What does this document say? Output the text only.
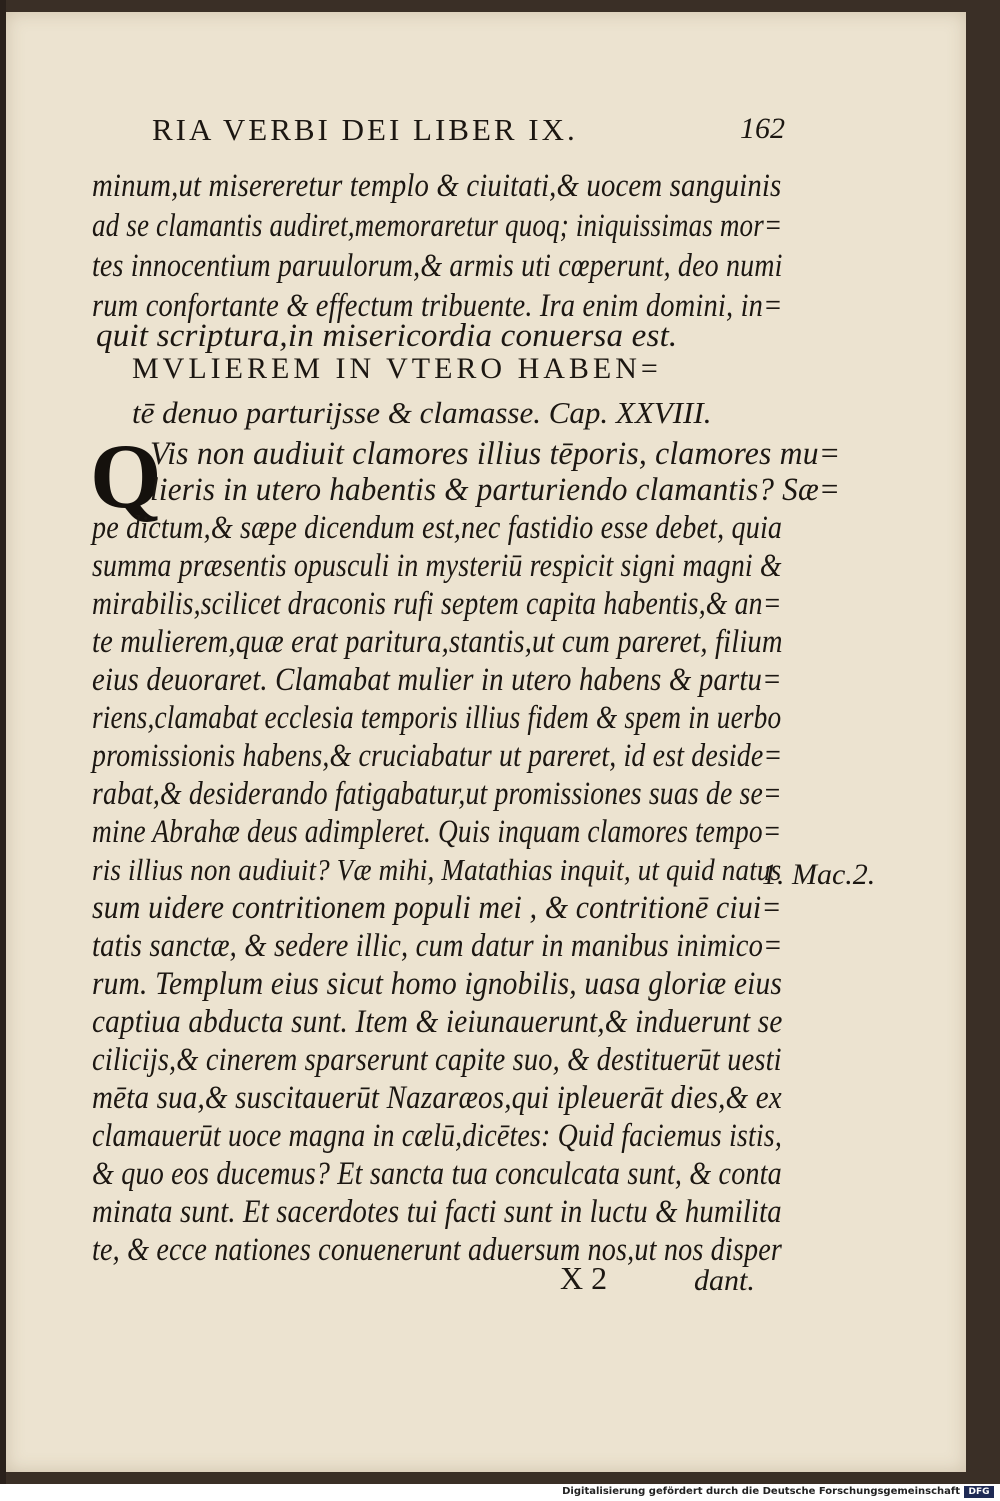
RIA VERBI DEI LIBER IX.	162
minum,ut misereretur templo & ciuitati,& uocem sanguinis
ad se clamantis audiret,memoraretur quoq; iniquissimas mor=
tes innocentium paruulorum,& armis uti cœperunt, deo numi
rum confortante & effectum tribuente. Ira enim domini, in=
quit scriptura,in misericordia conuersa est.
MVLIEREM IN VTERO HABEN=
tē denuo parturijsse & clamasse. Cap. XXVIII.
Q
Vis non audiuit clamores illius tēporis, clamores mu=
lieris in utero habentis & parturiendo clamantis? Sæ=
pe dictum,& sæpe dicendum est,nec fastidio esse debet, quia
summa præsentis opusculi in mysteriū respicit signi magni &
mirabilis,scilicet draconis rufi septem capita habentis,& an=
te mulierem,quæ erat paritura,stantis,ut cum pareret, filium
eius deuoraret. Clamabat mulier in utero habens & partu=
riens,clamabat ecclesia temporis illius fidem & spem in uerbo
promissionis habens,& cruciabatur ut pareret, id est deside=
rabat,& desiderando fatigabatur,ut promissiones suas de se=
mine Abrahæ deus adimpleret. Quis inquam clamores tempo=
ris illius non audiuit? Væ mihi, Matathias inquit, ut quid natus
sum uidere contritionem populi mei , & contritionē ciui=
tatis sanctæ, & sedere illic, cum datur in manibus inimico=
rum. Templum eius sicut homo ignobilis, uasa gloriæ eius
captiua abducta sunt. Item & ieiunauerunt,& induerunt se
cilicijs,& cinerem sparserunt capite suo, & destituerūt uesti
mēta sua,& suscitauerūt Nazaræos,qui ipleuerāt dies,& ex
clamauerūt uoce magna in cælū,dicētes: Quid faciemus istis,
& quo eos ducemus? Et sancta tua conculcata sunt, & conta
minata sunt. Et sacerdotes tui facti sunt in luctu & humilita
te, & ecce nationes conuenerunt aduersum nos,ut nos disper
1. Mac.2.
X 2	dant.
Digitalisierung gefördert durch die Deutsche Forschungsgemeinschaft DFG
